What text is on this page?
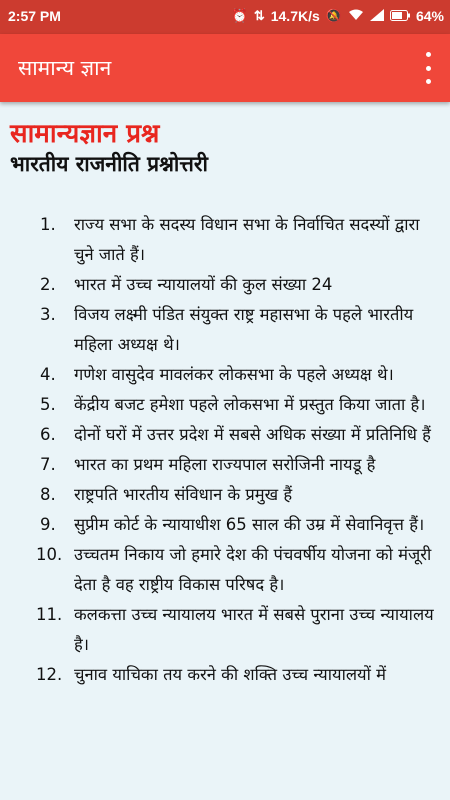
2:57 PM	⏰ ⇅ 14.7K/s 🔕	64%
सामान्य ज्ञान
सामान्यज्ञान प्रश्न
भारतीय राजनीति प्रश्नोत्तरी
1. राज्य सभा के सदस्य विधान सभा के निर्वाचित सदस्यों द्वारा चुने जाते हैं।
2. भारत में उच्च न्यायालयों की कुल संख्या 24
3. विजय लक्ष्मी पंडित संयुक्त राष्ट्र महासभा के पहले भारतीय महिला अध्यक्ष थे।
4. गणेश वासुदेव मावलंकर लोकसभा के पहले अध्यक्ष थे।
5. केंद्रीय बजट हमेशा पहले लोकसभा में प्रस्तुत किया जाता है।
6. दोनों घरों में उत्तर प्रदेश में सबसे अधिक संख्या में प्रतिनिधि हैं
7. भारत का प्रथम महिला राज्यपाल सरोजिनी नायडू है
8. राष्ट्रपति भारतीय संविधान के प्रमुख हैं
9. सुप्रीम कोर्ट के न्यायाधीश 65 साल की उम्र में सेवानिवृत्त हैं।
10. उच्चतम निकाय जो हमारे देश की पंचवर्षीय योजना को मंजूरी देता है वह राष्ट्रीय विकास परिषद है।
11. कलकत्ता उच्च न्यायालय भारत में सबसे पुराना उच्च न्यायालय है।
12. चुनाव याचिका तय करने की शक्ति उच्च न्यायालयों में
